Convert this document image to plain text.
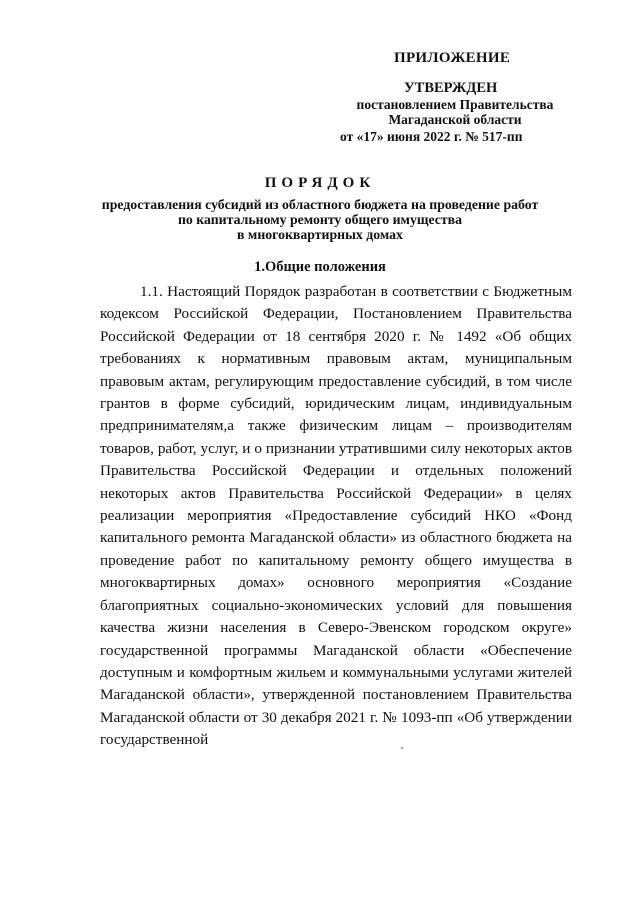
ПРИЛОЖЕНИЕ
УТВЕРЖДЕН
постановлением Правительства
Магаданской области
от «17» июня 2022 г. № 517-пп
ПОРЯДОК
предоставления субсидий из областного бюджета на проведение работ
по капитальному ремонту общего имущества
в многоквартирных домах
1.Общие положения

1.1. Настоящий Порядок разработан в соответствии с Бюджетным кодексом Российской Федерации, Постановлением Правительства Российской Федерации от 18 сентября 2020 г. № 1492 «Об общих требованиях к нормативным правовым актам, муниципальным правовым актам, регулирующим предоставление субсидий, в том числе грантов в форме субсидий, юридическим лицам, индивидуальным предпринимателям,а также физическим лицам – производителям товаров, работ, услуг, и о признании утратившими силу некоторых актов Правительства Российской Федерации и отдельных положений некоторых актов Правительства Российской Федерации» в целях реализации мероприятия «Предоставление субсидий НКО «Фонд капитального ремонта Магаданской области» из областного бюджета на проведение работ по капитальному ремонту общего имущества в многоквартирных домах» основного мероприятия «Создание благоприятных социально-экономических условий для повышения качества жизни населения в Северо-Эвенском городском округе» государственной программы Магаданской области «Обеспечение доступным и комфортным жильем и коммунальными услугами жителей Магаданской области», утвержденной постановлением Правительства Магаданской области от 30 декабря 2021 г. № 1093-пп «Об утверждении государственной
